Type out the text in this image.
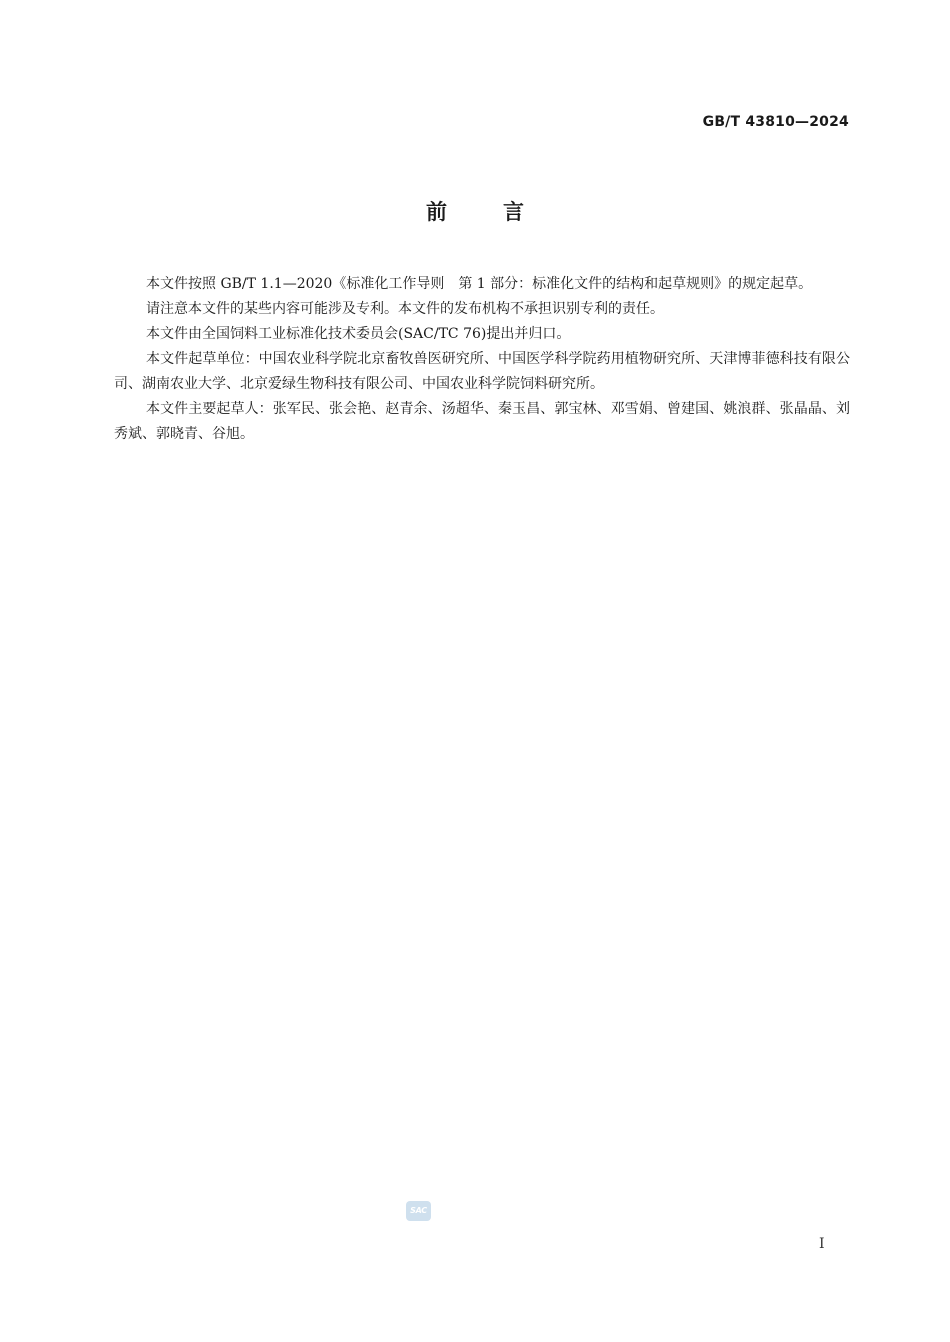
GB/T 43810—2024
前言

本文件按照 GB/T 1.1—2020《标准化工作导则　第 1 部分：标准化文件的结构和起草规则》的规定起草。

请注意本文件的某些内容可能涉及专利。本文件的发布机构不承担识别专利的责任。

本文件由全国饲料工业标准化技术委员会(SAC/TC 76)提出并归口。

本文件起草单位：中国农业科学院北京畜牧兽医研究所、中国医学科学院药用植物研究所、天津博菲德科技有限公司、湖南农业大学、北京爱绿生物科技有限公司、中国农业科学院饲料研究所。

本文件主要起草人：张军民、张会艳、赵青余、汤超华、秦玉昌、郭宝林、邓雪娟、曾建国、姚浪群、张晶晶、刘秀斌、郭晓青、谷旭。

SAC
I
